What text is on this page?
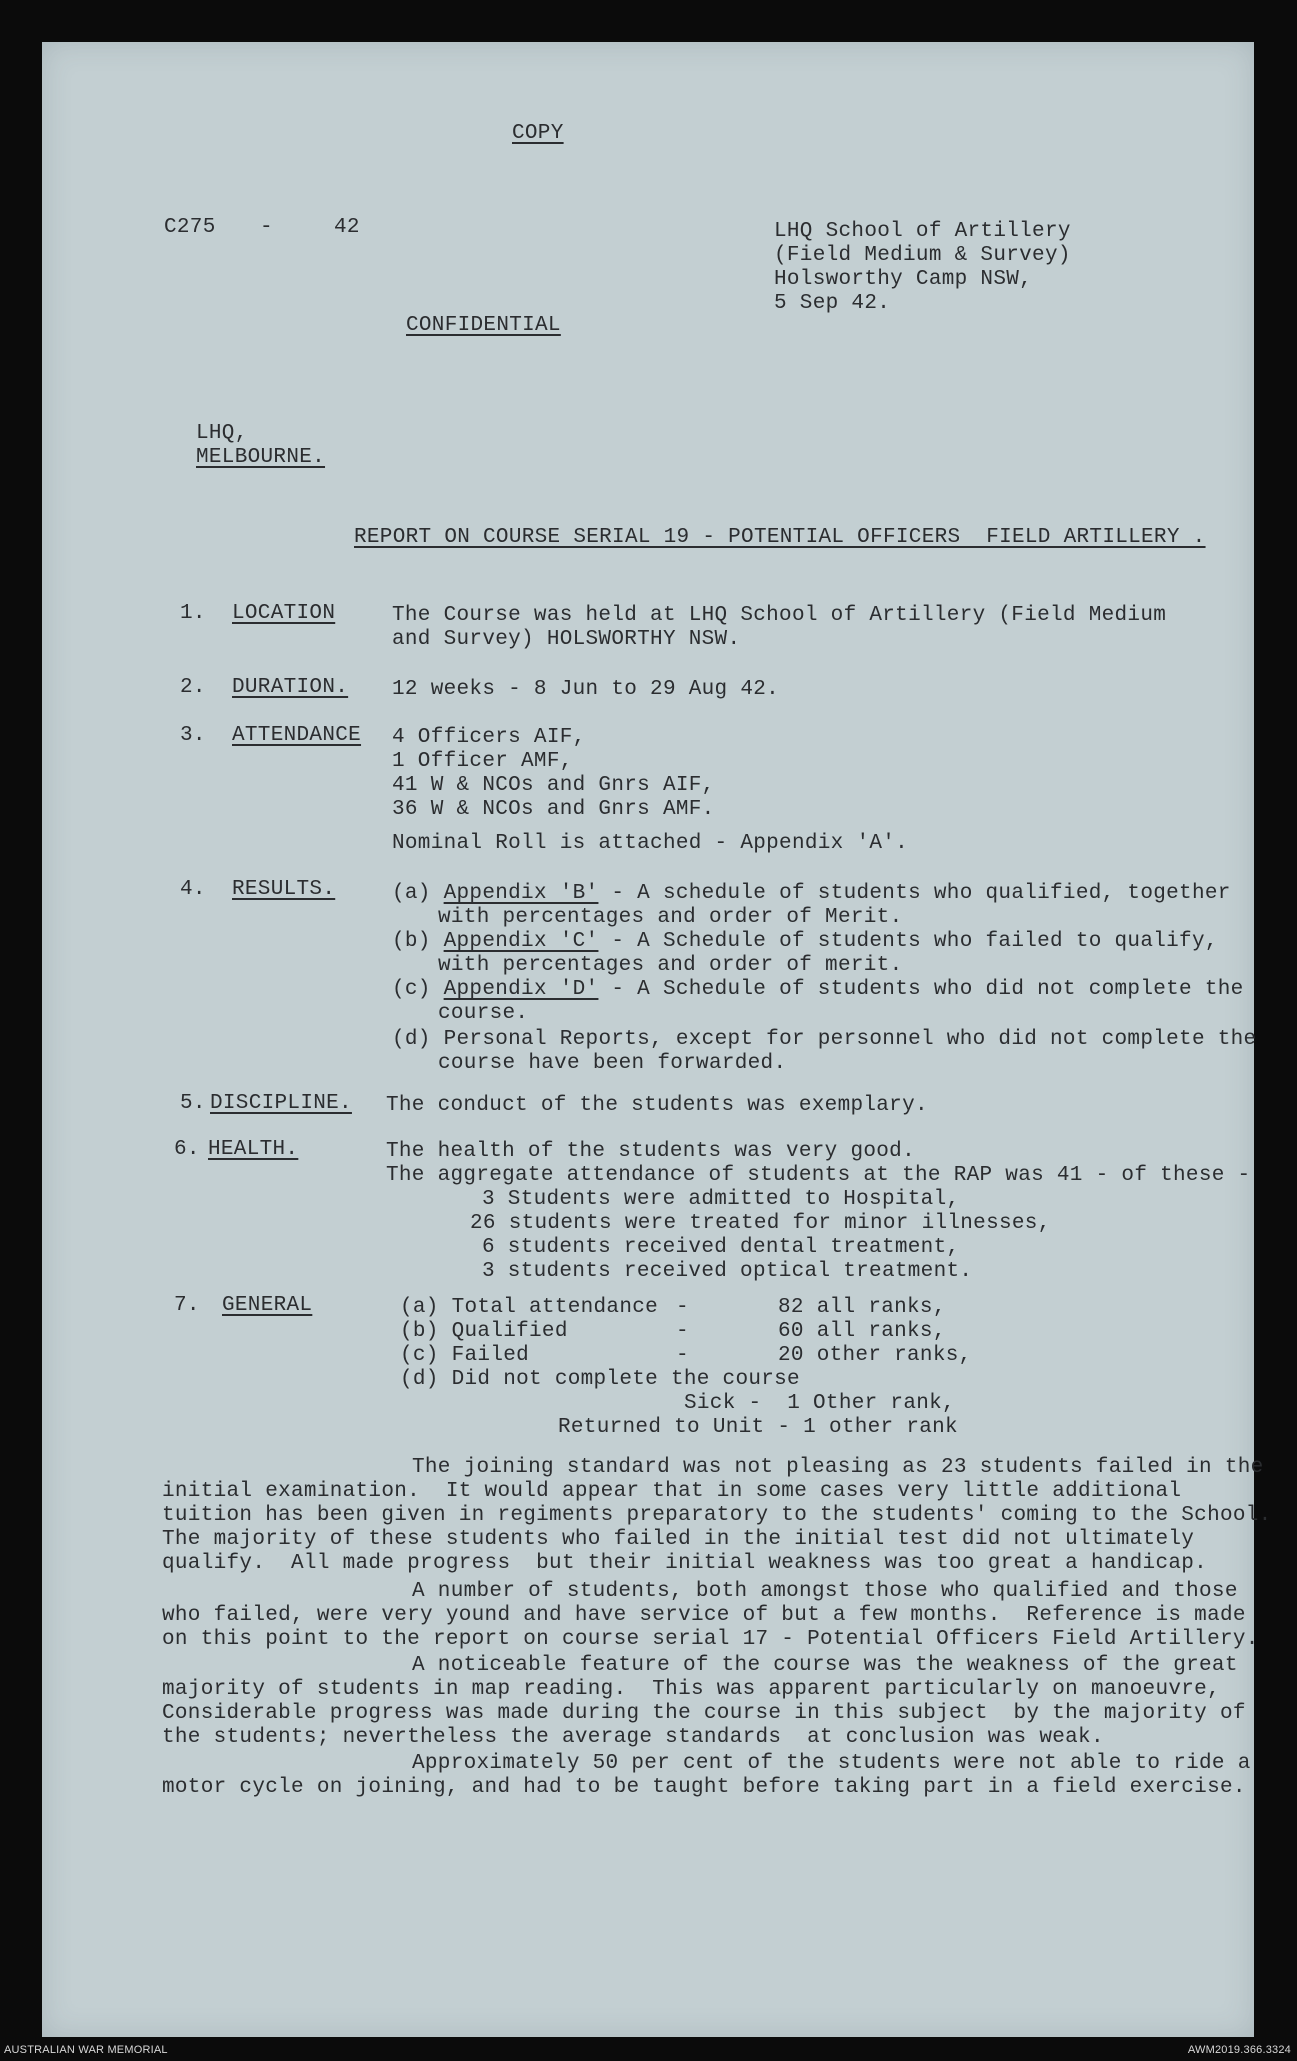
COPY
C275 -	42	LHQ School of Artillery
(Field Medium & Survey)
Holsworthy Camp NSW,
5 Sep 42.
CONFIDENTIAL
LHQ,
MELBOURNE.
REPORT ON COURSE SERIAL 19 - POTENTIAL OFFICERS  FIELD ARTILLERY .
1. LOCATION	The Course was held at LHQ School of Artillery (Field Medium
and Survey) HOLSWORTHY NSW.
2. DURATION. 12 weeks - 8 Jun to 29 Aug 42.
3. ATTENDANCE 4 Officers AIF,
1 Officer AMF,
41 W & NCOs and Gnrs AIF,
36 W & NCOs and Gnrs AMF.
Nominal Roll is attached - Appendix 'A'.
4. RESULTS.	(a) Appendix 'B' - A schedule of students who qualified, together
with percentages and order of Merit.
(b) Appendix 'C' - A Schedule of students who failed to qualify,
with percentages and order of merit.
(c) Appendix 'D' - A Schedule of students who did not complete the
course.
(d) Personal Reports, except for personnel who did not complete the
course have been forwarded.
5. DISCIPLINE. The conduct of the students was exemplary.
6. HEALTH.	The health of the students was very good.
The aggregate attendance of students at the RAP was 41 - of these -
3 Students were admitted to Hospital,
26 students were treated for minor illnesses,
6 students received dental treatment,
3 students received optical treatment.
7. GENERAL	(a) Total attendance -	82 all ranks,
(b) Qualified	-	60 all ranks,
(c) Failed	-	20 other ranks,
(d) Did not complete the course
Sick -  1 Other rank,
Returned to Unit - 1 other rank
The joining standard was not pleasing as 23 students failed in the
initial examination.  It would appear that in some cases very little additional
tuition has been given in regiments preparatory to the students' coming to the School.
The majority of these students who failed in the initial test did not ultimately
qualify.  All made progress  but their initial weakness was too great a handicap.
A number of students, both amongst those who qualified and those
who failed, were very yound and have service of but a few months.  Reference is made
on this point to the report on course serial 17 - Potential Officers Field Artillery.
A noticeable feature of the course was the weakness of the great
majority of students in map reading.  This was apparent particularly on manoeuvre,
Considerable progress was made during the course in this subject  by the majority of
the students; nevertheless the average standards  at conclusion was weak.
Approximately 50 per cent of the students were not able to ride a
motor cycle on joining, and had to be taught before taking part in a field exercise.
AUSTRALIAN WAR MEMORIAL	AWM2019.366.3324
